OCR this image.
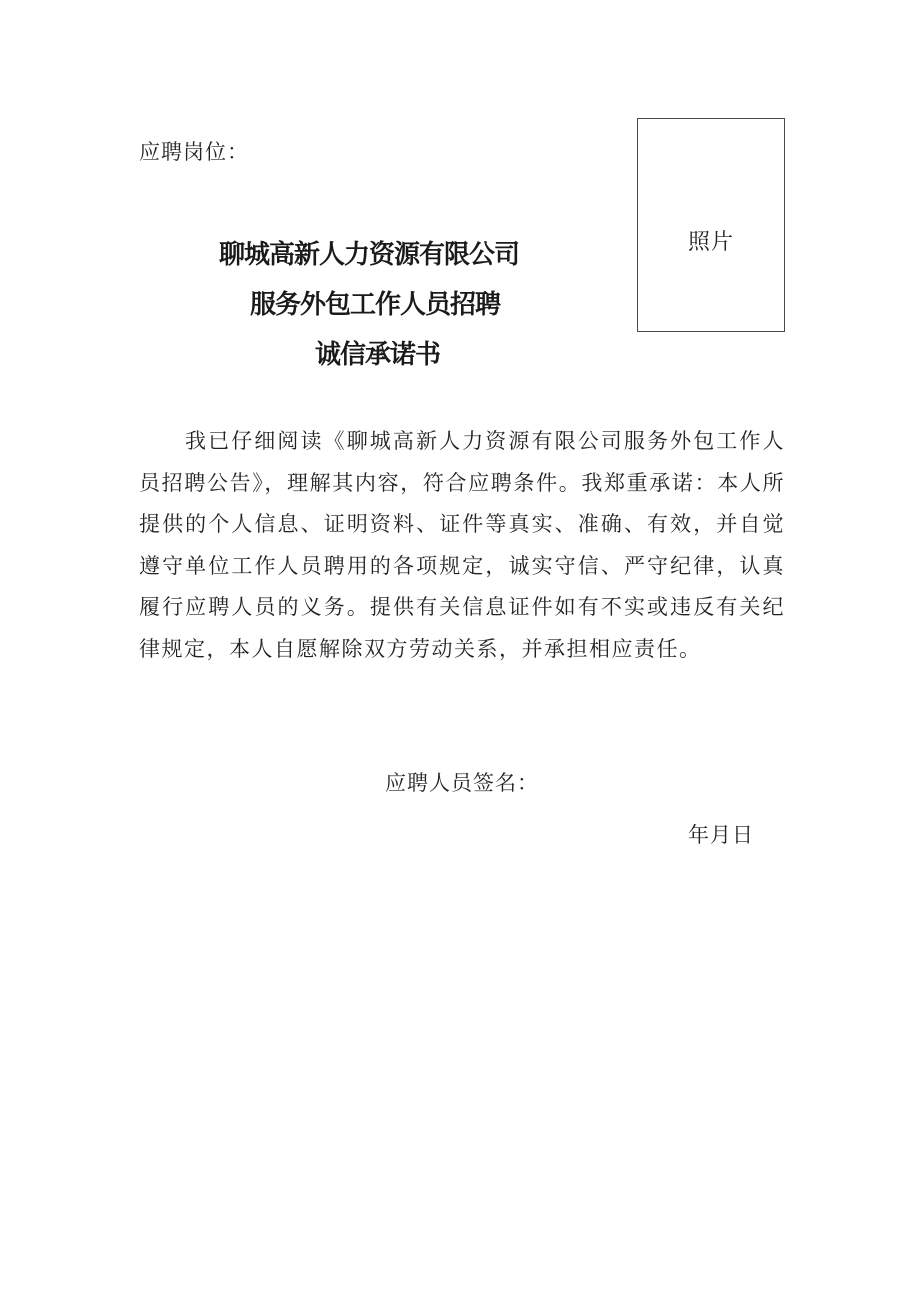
应聘岗位：
照片
聊城高新人力资源有限公司
服务外包工作人员招聘
诚信承诺书

我已仔细阅读《聊城高新人力资源有限公司服务外包工作人员招聘公告》，理解其内容，符合应聘条件。我郑重承诺：本人所提供的个人信息、证明资料、证件等真实、准确、有效，并自觉遵守单位工作人员聘用的各项规定，诚实守信、严守纪律，认真履行应聘人员的义务。提供有关信息证件如有不实或违反有关纪律规定，本人自愿解除双方劳动关系，并承担相应责任。

应聘人员签名：
年月日
